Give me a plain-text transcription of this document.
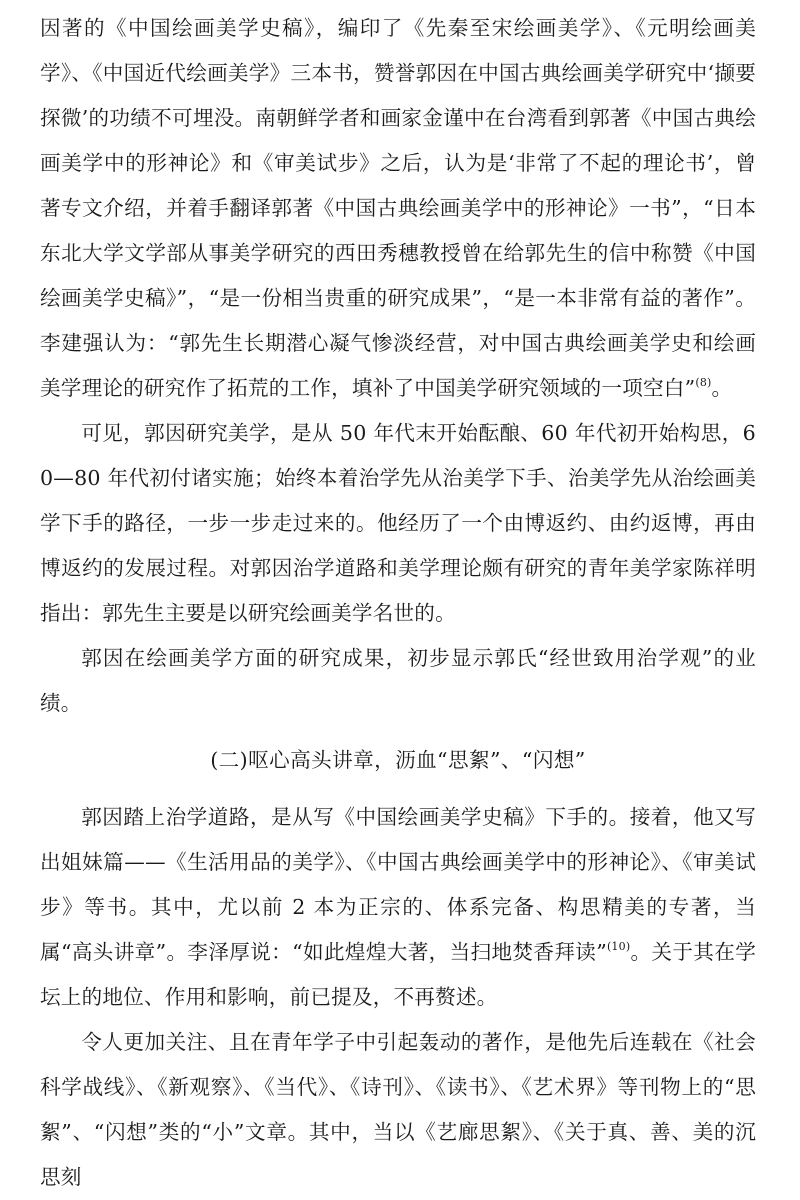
因著的《中国绘画美学史稿》，编印了《先秦至宋绘画美学》、《元明绘画美学》、《中国近代绘画美学》三本书，赞誉郭因在中国古典绘画美学研究中‘撷要探微’的功绩不可埋没。南朝鲜学者和画家金谨中在台湾看到郭著《中国古典绘画美学中的形神论》和《审美试步》之后，认为是‘非常了不起的理论书’，曾著专文介绍，并着手翻译郭著《中国古典绘画美学中的形神论》一书”，“日本东北大学文学部从事美学研究的西田秀穗教授曾在给郭先生的信中称赞《中国绘画美学史稿》”，“是一份相当贵重的研究成果”，“是一本非常有益的著作”。李建强认为：“郭先生长期潜心凝气惨淡经营，对中国古典绘画美学史和绘画美学理论的研究作了拓荒的工作，填补了中国美学研究领域的一项空白”$^{(8)}$。

可见，郭因研究美学，是从 50 年代末开始酝酿、60 年代初开始构思，60—80 年代初付诸实施；始终本着治学先从治美学下手、治美学先从治绘画美学下手的路径，一步一步走过来的。他经历了一个由博返约、由约返博，再由博返约的发展过程。对郭因治学道路和美学理论颇有研究的青年美学家陈祥明指出：郭先生主要是以研究绘画美学名世的。

郭因在绘画美学方面的研究成果，初步显示郭氏“经世致用治学观”的业绩。

(二)呕心高头讲章，沥血“思絮”、“闪想”

郭因踏上治学道路，是从写《中国绘画美学史稿》下手的。接着，他又写出姐妹篇——《生活用品的美学》、《中国古典绘画美学中的形神论》、《审美试步》等书。其中，尤以前 2 本为正宗的、体系完备、构思精美的专著，当属“高头讲章”。李泽厚说：“如此煌煌大著，当扫地焚香拜读”$^{(10)}$。关于其在学坛上的地位、作用和影响，前已提及，不再赘述。

令人更加关注、且在青年学子中引起轰动的著作，是他先后连载在《社会科学战线》、《新观察》、《当代》、《诗刊》、《读书》、《艺术界》等刊物上的“思絮”、“闪想”类的“小”文章。其中，当以《艺廊思絮》、《关于真、善、美的沉思刻
